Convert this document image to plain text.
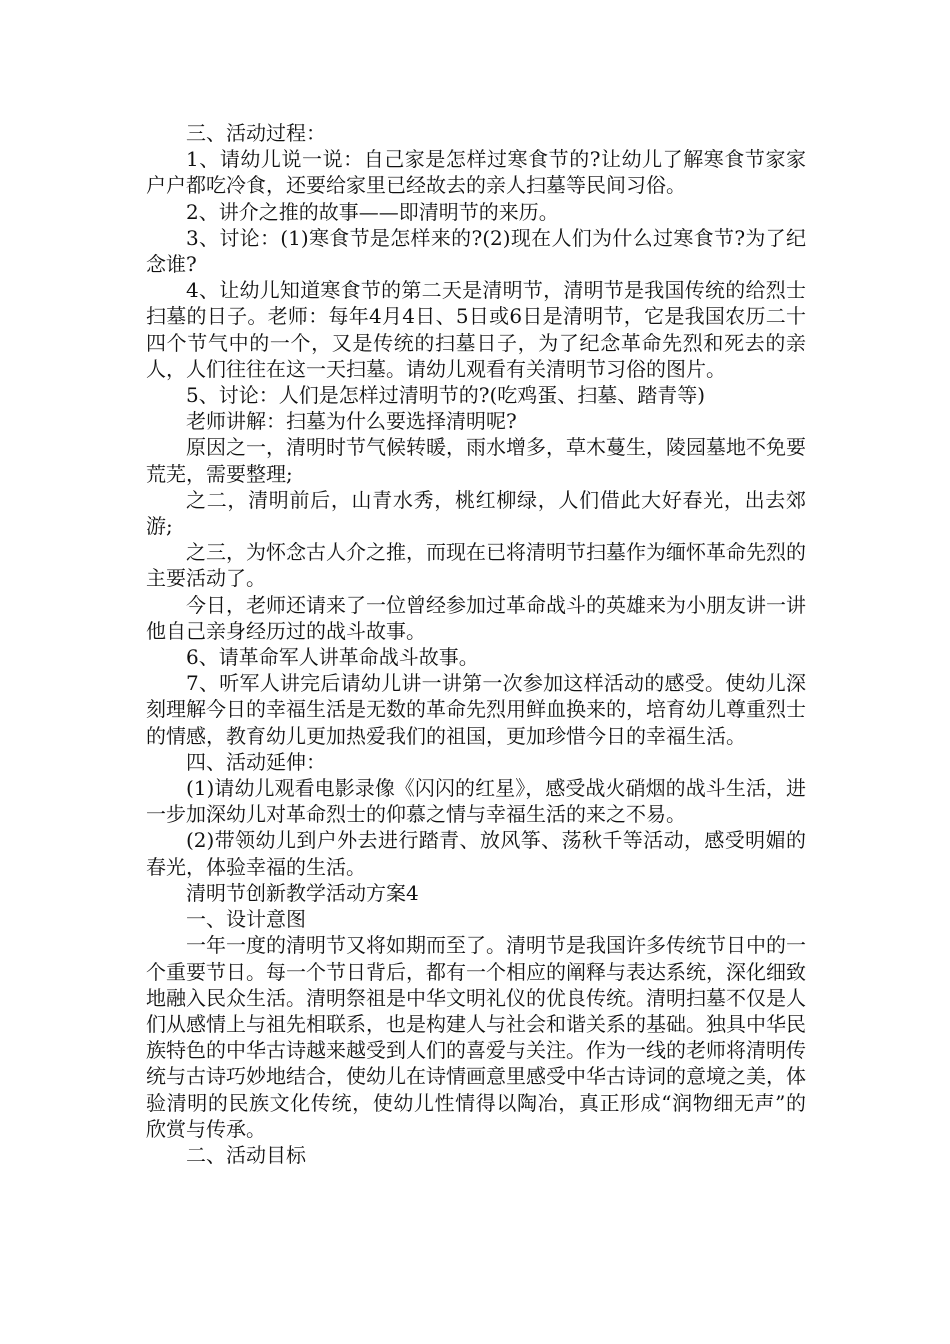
三、活动过程：

1、请幼儿说一说：自己家是怎样过寒食节的?让幼儿了解寒食节家家户户都吃冷食，还要给家里已经故去的亲人扫墓等民间习俗。

2、讲介之推的故事——即清明节的来历。

3、讨论：(1)寒食节是怎样来的?(2)现在人们为什么过寒食节?为了纪念谁?

4、让幼儿知道寒食节的第二天是清明节，清明节是我国传统的给烈士扫墓的日子。老师：每年4月4日、5日或6日是清明节，它是我国农历二十四个节气中的一个，又是传统的扫墓日子，为了纪念革命先烈和死去的亲人，人们往往在这一天扫墓。请幼儿观看有关清明节习俗的图片。

5、讨论：人们是怎样过清明节的?(吃鸡蛋、扫墓、踏青等)

老师讲解：扫墓为什么要选择清明呢?

原因之一，清明时节气候转暖，雨水增多，草木蔓生，陵园墓地不免要荒芜，需要整理;

之二，清明前后，山青水秀，桃红柳绿，人们借此大好春光，出去郊游;

之三，为怀念古人介之推，而现在已将清明节扫墓作为缅怀革命先烈的主要活动了。

今日，老师还请来了一位曾经参加过革命战斗的英雄来为小朋友讲一讲他自己亲身经历过的战斗故事。

6、请革命军人讲革命战斗故事。

7、听军人讲完后请幼儿讲一讲第一次参加这样活动的感受。使幼儿深刻理解今日的幸福生活是无数的革命先烈用鲜血换来的，培育幼儿尊重烈士的情感，教育幼儿更加热爱我们的祖国，更加珍惜今日的幸福生活。

四、活动延伸：

(1)请幼儿观看电影录像《闪闪的红星》，感受战火硝烟的战斗生活，进一步加深幼儿对革命烈士的仰慕之情与幸福生活的来之不易。

(2)带领幼儿到户外去进行踏青、放风筝、荡秋千等活动，感受明媚的春光，体验幸福的生活。

清明节创新教学活动方案4

一、设计意图

一年一度的清明节又将如期而至了。清明节是我国许多传统节日中的一个重要节日。每一个节日背后，都有一个相应的阐释与表达系统，深化细致地融入民众生活。清明祭祖是中华文明礼仪的优良传统。清明扫墓不仅是人们从感情上与祖先相联系，也是构建人与社会和谐关系的基础。独具中华民族特色的中华古诗越来越受到人们的喜爱与关注。作为一线的老师将清明传统与古诗巧妙地结合，使幼儿在诗情画意里感受中华古诗词的意境之美，体验清明的民族文化传统，使幼儿性情得以陶冶，真正形成“润物细无声”的欣赏与传承。

二、活动目标
